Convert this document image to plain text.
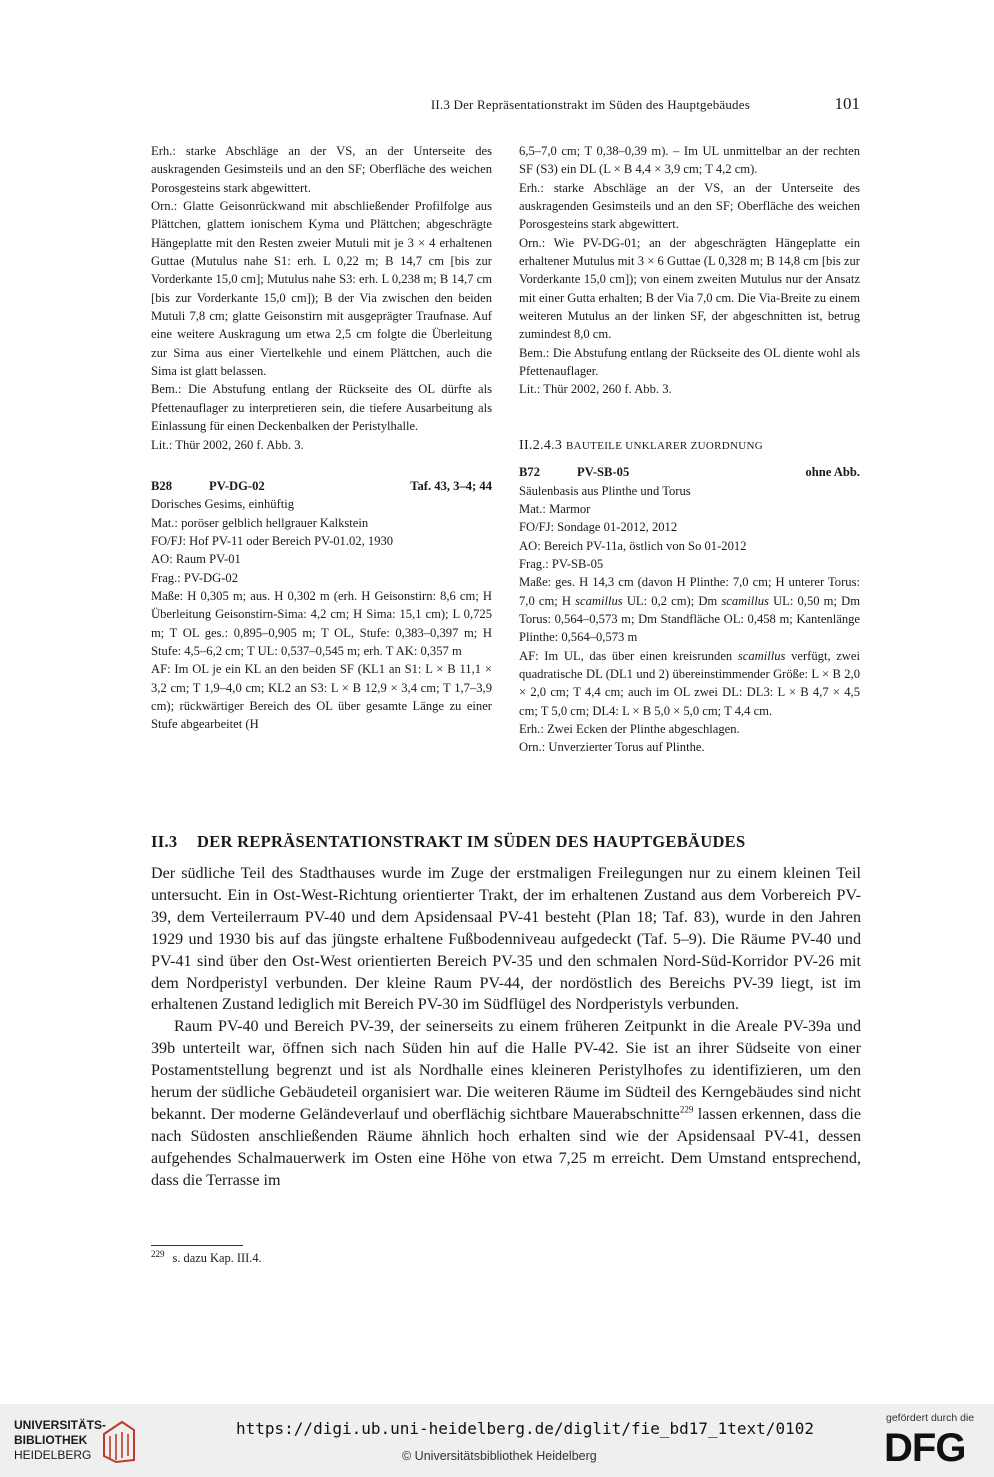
II.3 Der Repräsentationstrakt im Süden des Hauptgebäudes	101

Erh.: starke Abschläge an der VS, an der Unterseite des auskragenden Gesimsteils und an den SF; Oberfläche des weichen Porosgesteins stark abgewittert.

Orn.: Glatte Geisonrückwand mit abschließender Profilfolge aus Plättchen, glattem ionischem Kyma und Plättchen; abgeschrägte Hängeplatte mit den Resten zweier Mutuli mit je 3 × 4 erhaltenen Guttae (Mutulus nahe S1: erh. L 0,22 m; B 14,7 cm [bis zur Vorderkante 15,0 cm]; Mutulus nahe S3: erh. L 0,238 m; B 14,7 cm [bis zur Vorderkante 15,0 cm]); B der Via zwischen den beiden Mutuli 7,8 cm; glatte Geisonstirn mit ausgeprägter Traufnase. Auf eine weitere Auskragung um etwa 2,5 cm folgte die Überleitung zur Sima aus einer Viertelkehle und einem Plättchen, auch die Sima ist glatt belassen.

Bem.: Die Abstufung entlang der Rückseite des OL dürfte als Pfettenauflager zu interpretieren sein, die tiefere Ausarbeitung als Einlassung für einen Deckenbalken der Peristylhalle.

Lit.: Thür 2002, 260 f. Abb. 3.

B28	PV-DG-02	Taf. 43, 3–4; 44

Dorisches Gesims, einhüftig

Mat.: poröser gelblich hellgrauer Kalkstein

FO/FJ: Hof PV-11 oder Bereich PV-01.02, 1930

AO: Raum PV-01

Frag.: PV-DG-02

Maße: H 0,305 m; aus. H 0,302 m (erh. H Geisonstirn: 8,6 cm; H Überleitung Geisonstirn-Sima: 4,2 cm; H Sima: 15,1 cm); L 0,725 m; T OL ges.: 0,895–0,905 m; T OL, Stufe: 0,383–0,397 m; H Stufe: 4,5–6,2 cm; T UL: 0,537–0,545 m; erh. T AK: 0,357 m

AF: Im OL je ein KL an den beiden SF (KL1 an S1: L × B 11,1 × 3,2 cm; T 1,9–4,0 cm; KL2 an S3: L × B 12,9 × 3,4 cm; T 1,7–3,9 cm); rückwärtiger Bereich des OL über gesamte Länge zu einer Stufe abgearbeitet (H

6,5–7,0 cm; T 0,38–0,39 m). – Im UL unmittelbar an der rechten SF (S3) ein DL (L × B 4,4 × 3,9 cm; T 4,2 cm).

Erh.: starke Abschläge an der VS, an der Unterseite des auskragenden Gesimsteils und an den SF; Oberfläche des weichen Porosgesteins stark abgewittert.

Orn.: Wie PV-DG-01; an der abgeschrägten Hängeplatte ein erhaltener Mutulus mit 3 × 6 Guttae (L 0,328 m; B 14,8 cm [bis zur Vorderkante 15,0 cm]); von einem zweiten Mutulus nur der Ansatz mit einer Gutta erhalten; B der Via 7,0 cm. Die Via-Breite zu einem weiteren Mutulus an der linken SF, der abgeschnitten ist, betrug zumindest 8,0 cm.

Bem.: Die Abstufung entlang der Rückseite des OL diente wohl als Pfettenauflager.

Lit.: Thür 2002, 260 f. Abb. 3.

II.2.4.3 BAUTEILE UNKLARER ZUORDNUNG
B72	PV-SB-05	ohne Abb.

Säulenbasis aus Plinthe und Torus

Mat.: Marmor

FO/FJ: Sondage 01-2012, 2012

AO: Bereich PV-11a, östlich von So 01-2012

Frag.: PV-SB-05

Maße: ges. H 14,3 cm (davon H Plinthe: 7,0 cm; H unterer Torus: 7,0 cm; H scamillus UL: 0,2 cm); Dm scamillus UL: 0,50 m; Dm Torus: 0,564–0,573 m; Dm Standfläche OL: 0,458 m; Kantenlänge Plinthe: 0,564–0,573 m

AF: Im UL, das über einen kreisrunden scamillus verfügt, zwei quadratische DL (DL1 und 2) übereinstimmender Größe: L × B 2,0 × 2,0 cm; T 4,4 cm; auch im OL zwei DL: DL3: L × B 4,7 × 4,5 cm; T 5,0 cm; DL4: L × B 5,0 × 5,0 cm; T 4,4 cm.

Erh.: Zwei Ecken der Plinthe abgeschlagen.

Orn.: Unverzierter Torus auf Plinthe.

II.3 DER REPRÄSENTATIONSTRAKT IM SÜDEN DES HAUPTGEBÄUDES

Der südliche Teil des Stadthauses wurde im Zuge der erstmaligen Freilegungen nur zu einem kleinen Teil untersucht. Ein in Ost-West-Richtung orientierter Trakt, der im erhaltenen Zustand aus dem Vorbereich PV-39, dem Verteilerraum PV-40 und dem Apsidensaal PV-41 besteht (Plan 18; Taf. 83), wurde in den Jahren 1929 und 1930 bis auf das jüngste erhaltene Fußbodenniveau aufgedeckt (Taf. 5–9). Die Räume PV-40 und PV-41 sind über den Ost-West orientierten Bereich PV-35 und den schmalen Nord-Süd-Korridor PV-26 mit dem Nordperistyl verbunden. Der kleine Raum PV-44, der nordöstlich des Bereichs PV-39 liegt, ist im erhaltenen Zustand lediglich mit Bereich PV-30 im Südflügel des Nordperistyls verbunden.

Raum PV-40 und Bereich PV-39, der seinerseits zu einem früheren Zeitpunkt in die Areale PV-39a und 39b unterteilt war, öffnen sich nach Süden hin auf die Halle PV-42. Sie ist an ihrer Südseite von einer Postamentstellung begrenzt und ist als Nordhalle eines kleineren Peristylhofes zu identifizieren, um den herum der südliche Gebäudeteil organisiert war. Die weiteren Räume im Südteil des Kerngebäudes sind nicht bekannt. Der moderne Geländeverlauf und oberflächig sichtbare Mauerabschnitte$^{229}$ lassen erkennen, dass die nach Südosten anschließenden Räume ähnlich hoch erhalten sind wie der Apsidensaal PV-41, dessen aufgehendes Schalmauerwerk im Osten eine Höhe von etwa 7,25 m erreicht. Dem Umstand entsprechend, dass die Terrasse im

$^{229}$ s. dazu Kap. III.4.
UNIVERSITÄTS-
BIBLIOTHEK
HEIDELBERG
https://digi.ub.uni-heidelberg.de/diglit/fie_bd17_1text/0102
© Universitätsbibliothek Heidelberg
gefördert durch die
DFG
